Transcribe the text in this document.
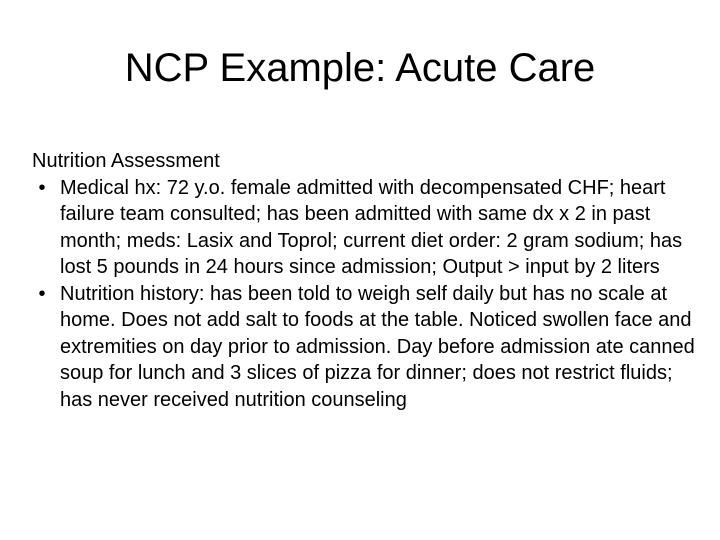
NCP Example: Acute Care

Nutrition Assessment

• Medical hx: 72 y.o. female admitted with decompensated CHF; heart failure team consulted; has been admitted with same dx x 2 in past month; meds: Lasix and Toprol; current diet order: 2 gram sodium; has lost 5 pounds in 24 hours since admission; Output > input by 2 liters
• Nutrition history: has been told to weigh self daily but has no scale at home. Does not add salt to foods at the table. Noticed swollen face and extremities on day prior to admission. Day before admission ate canned soup for lunch and 3 slices of pizza for dinner; does not restrict fluids; has never received nutrition counseling
